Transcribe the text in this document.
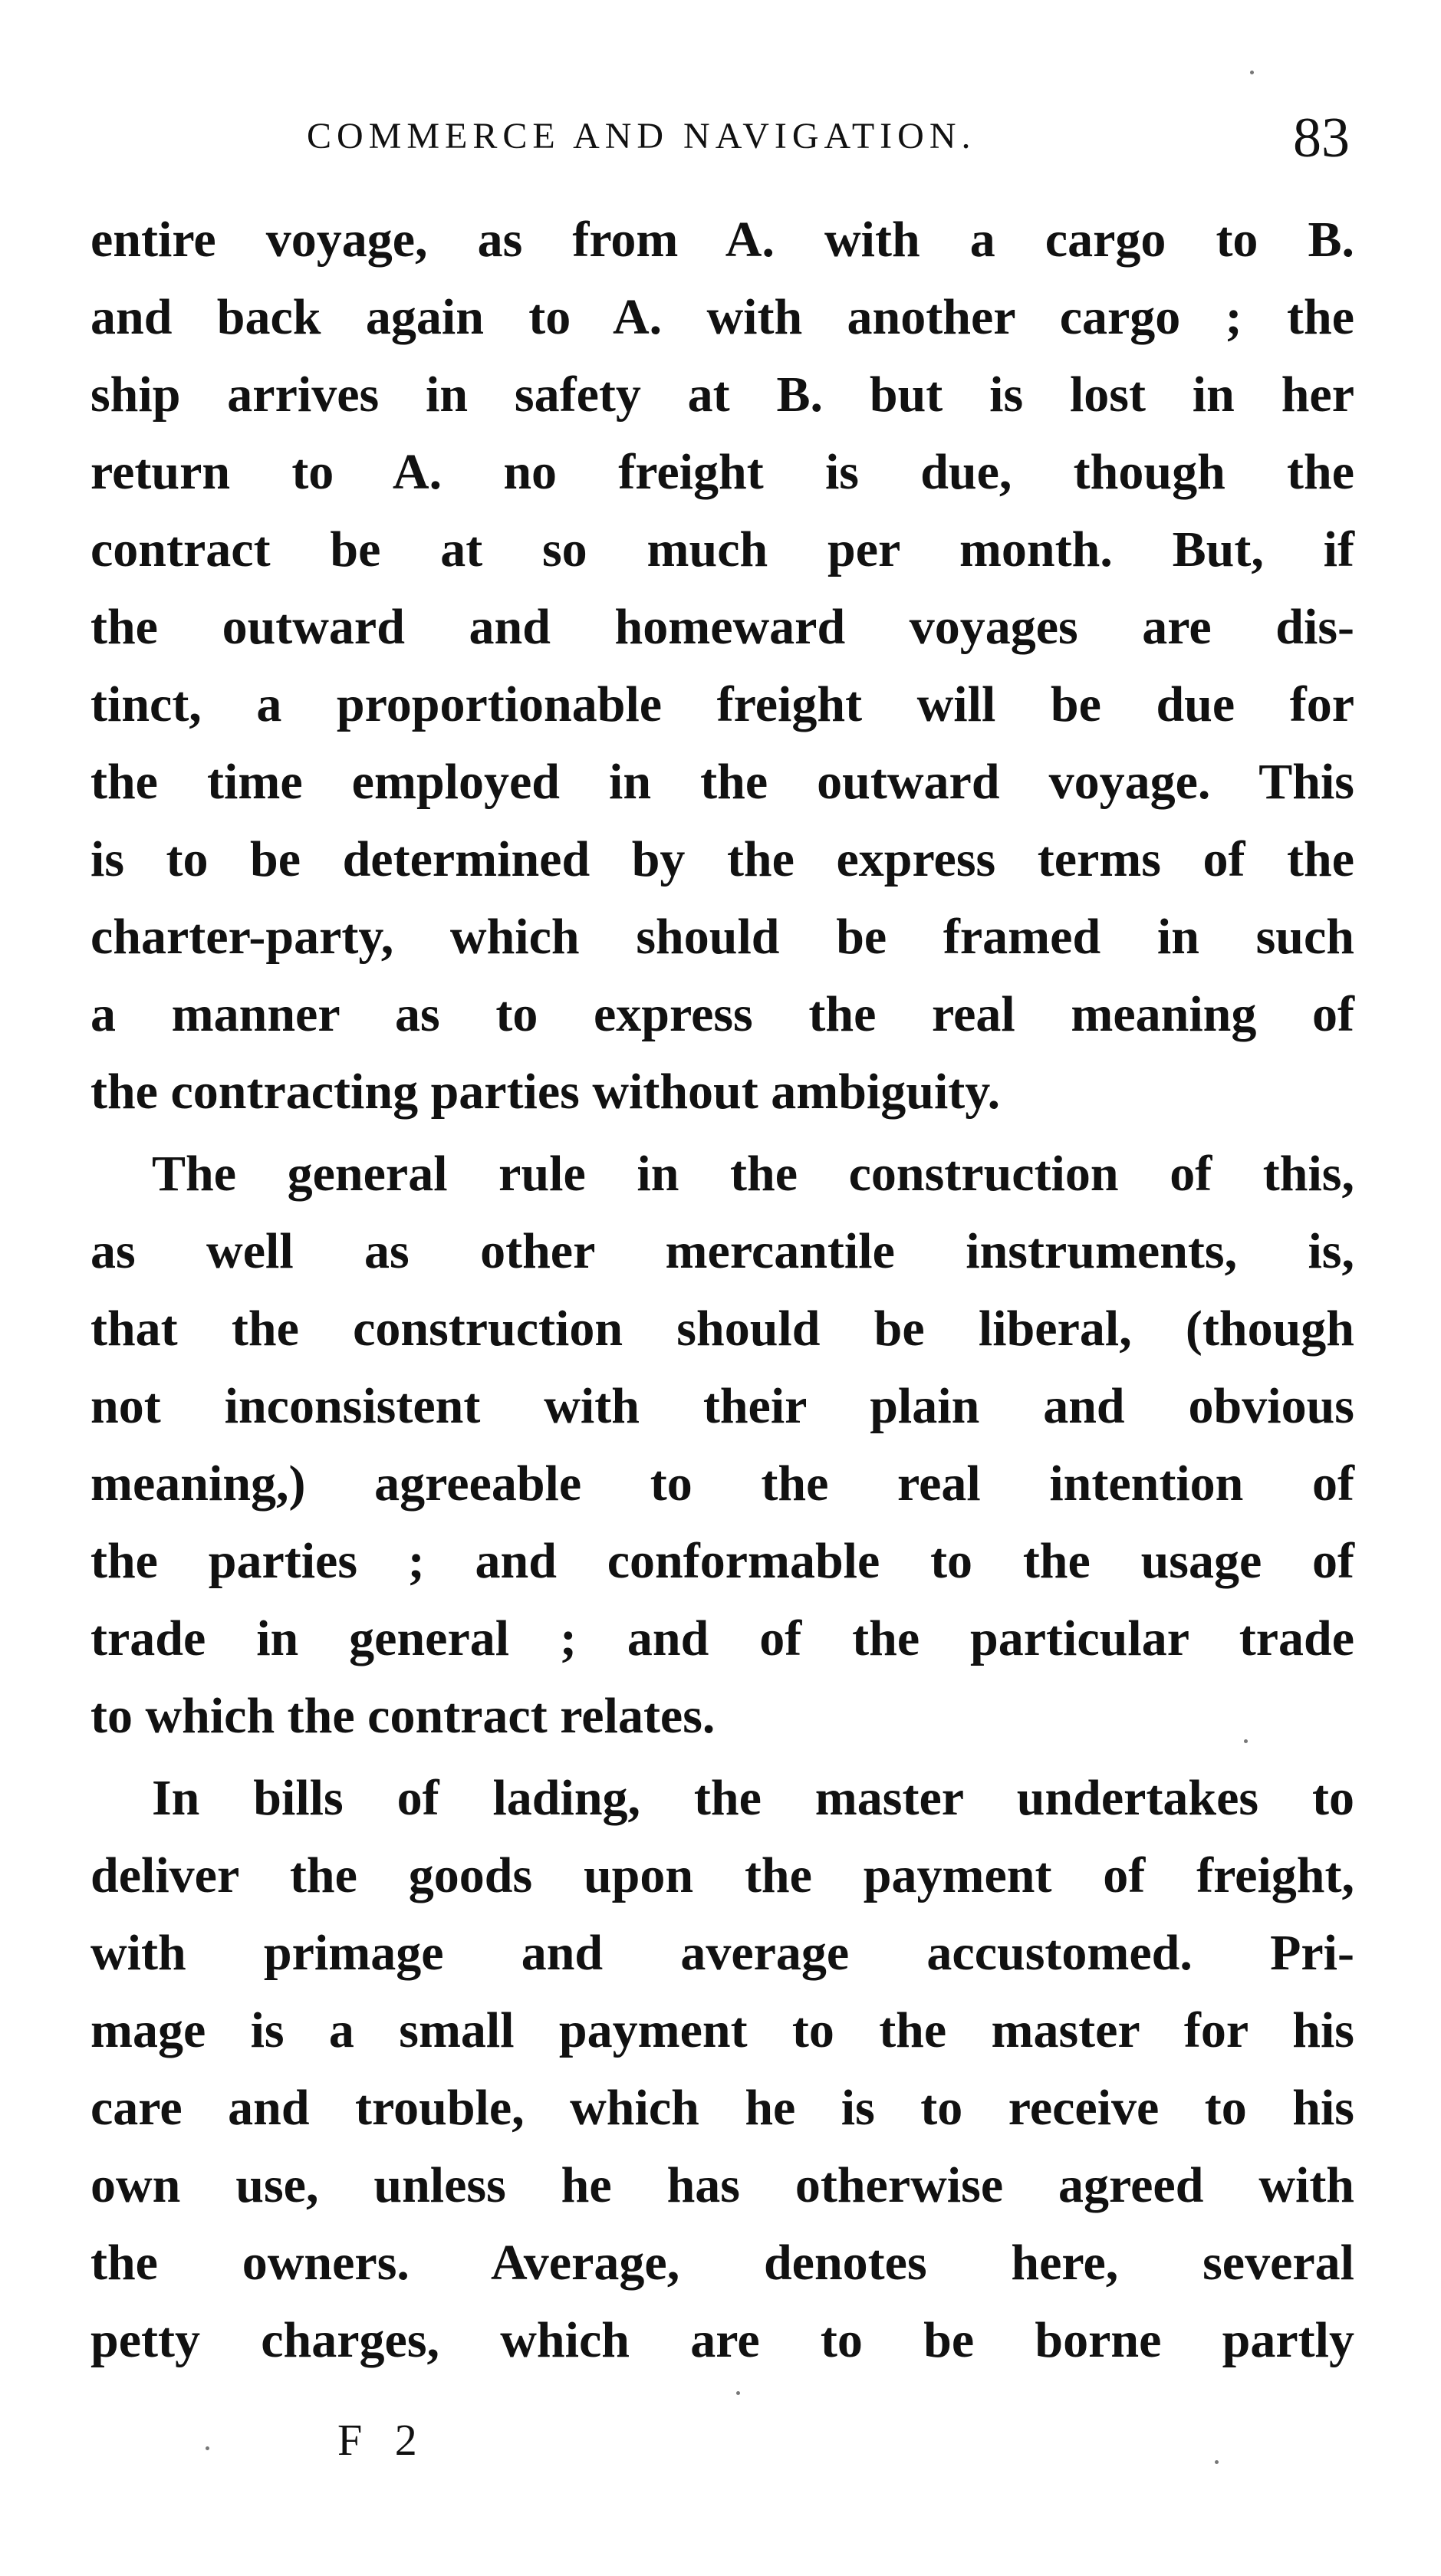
COMMERCE AND NAVIGATION.	83
entire voyage, as from A. with a cargo to B.
and back again to A. with another cargo ; the
ship arrives in safety at B. but is lost in her
return to A. no freight is due, though the
contract be at so much per month. But, if
the outward and homeward voyages are dis-
tinct, a proportionable freight will be due for
the time employed in the outward voyage. This
is to be determined by the express terms of the
charter-party, which should be framed in such
a manner as to express the real meaning of
the contracting parties without ambiguity.
The general rule in the construction of this,
as well as other mercantile instruments, is,
that the construction should be liberal, (though
not inconsistent with their plain and obvious
meaning,) agreeable to the real intention of
the parties ; and conformable to the usage of
trade in general ; and of the particular trade
to which the contract relates.
In bills of lading, the master undertakes to
deliver the goods upon the payment of freight,
with primage and average accustomed. Pri-
mage is a small payment to the master for his
care and trouble, which he is to receive to his
own use, unless he has otherwise agreed with
the owners. Average, denotes here, several
petty charges, which are to be borne partly
F 2
